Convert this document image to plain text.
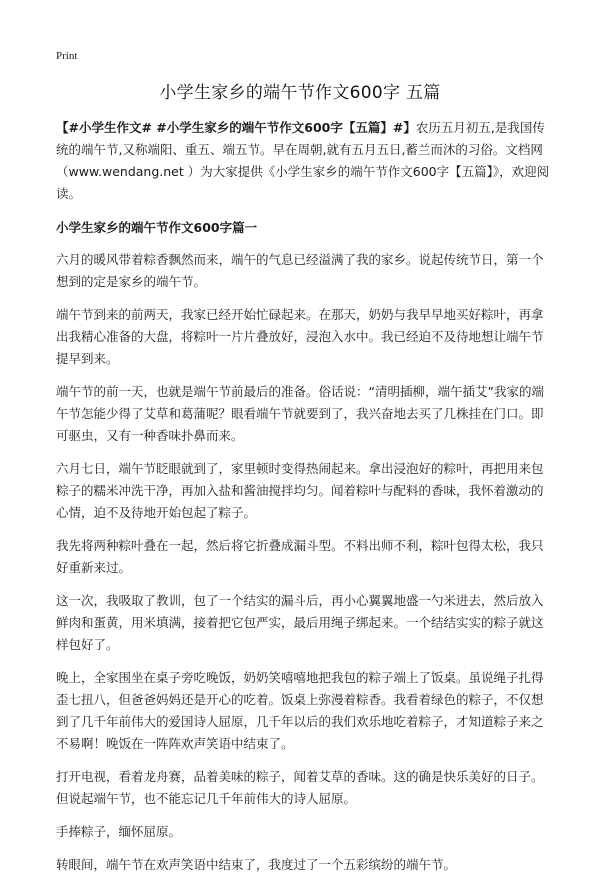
Print
小学生家乡的端午节作文600字 五篇

【#小学生作文# #小学生家乡的端午节作文600字【五篇】#】农历五月初五,是我国传统的端午节,又称端阳、重五、端五节。早在周朝,就有五月五日,蓄兰而沐的习俗。文档网（www.wendang.net ）为大家提供《小学生家乡的端午节作文600字【五篇】》，欢迎阅读。

小学生家乡的端午节作文600字篇一

六月的暖风带着粽香飘然而来，端午的气息已经溢满了我的家乡。说起传统节日，第一个想到的定是家乡的端午节。

端午节到来的前两天，我家已经开始忙碌起来。在那天，奶奶与我早早地买好粽叶，再拿出我精心准备的大盘，将粽叶一片片叠放好，浸泡入水中。我已经迫不及待地想让端午节提早到来。

端午节的前一天，也就是端午节前最后的准备。俗话说：“清明插柳，端午插艾”我家的端午节怎能少得了艾草和葛蒲呢？眼看端午节就要到了，我兴奋地去买了几株挂在门口。即可驱虫，又有一种香味扑鼻而来。

六月七日，端午节眨眼就到了，家里顿时变得热闹起来。拿出浸泡好的粽叶，再把用来包粽子的糯米冲洗干净，再加入盐和酱油搅拌均匀。闻着粽叶与配料的香味，我怀着激动的心情，迫不及待地开始包起了粽子。

我先将两种粽叶叠在一起，然后将它折叠成漏斗型。不料出师不利，粽叶包得太松，我只好重新来过。

这一次，我吸取了教训，包了一个结实的漏斗后，再小心翼翼地盛一勺米进去，然后放入鲜肉和蛋黄，用米填满，接着把它包严实，最后用绳子绑起来。一个结结实实的粽子就这样包好了。

晚上，全家围坐在桌子旁吃晚饭，奶奶笑嘻嘻地把我包的粽子端上了饭桌。虽说绳子扎得歪七扭八，但爸爸妈妈还是开心的吃着。饭桌上弥漫着粽香。我看着绿色的粽子，不仅想到了几千年前伟大的爱国诗人屈原，几千年以后的我们欢乐地吃着粽子，才知道粽子来之不易啊！晚饭在一阵阵欢声笑语中结束了。

打开电视，看着龙舟赛，品着美味的粽子，闻着艾草的香味。这的确是快乐美好的日子。但说起端午节，也不能忘记几千年前伟大的诗人屈原。

手捧粽子，缅怀屈原。

转眼间，端午节在欢声笑语中结束了，我度过了一个五彩缤纷的端午节。
